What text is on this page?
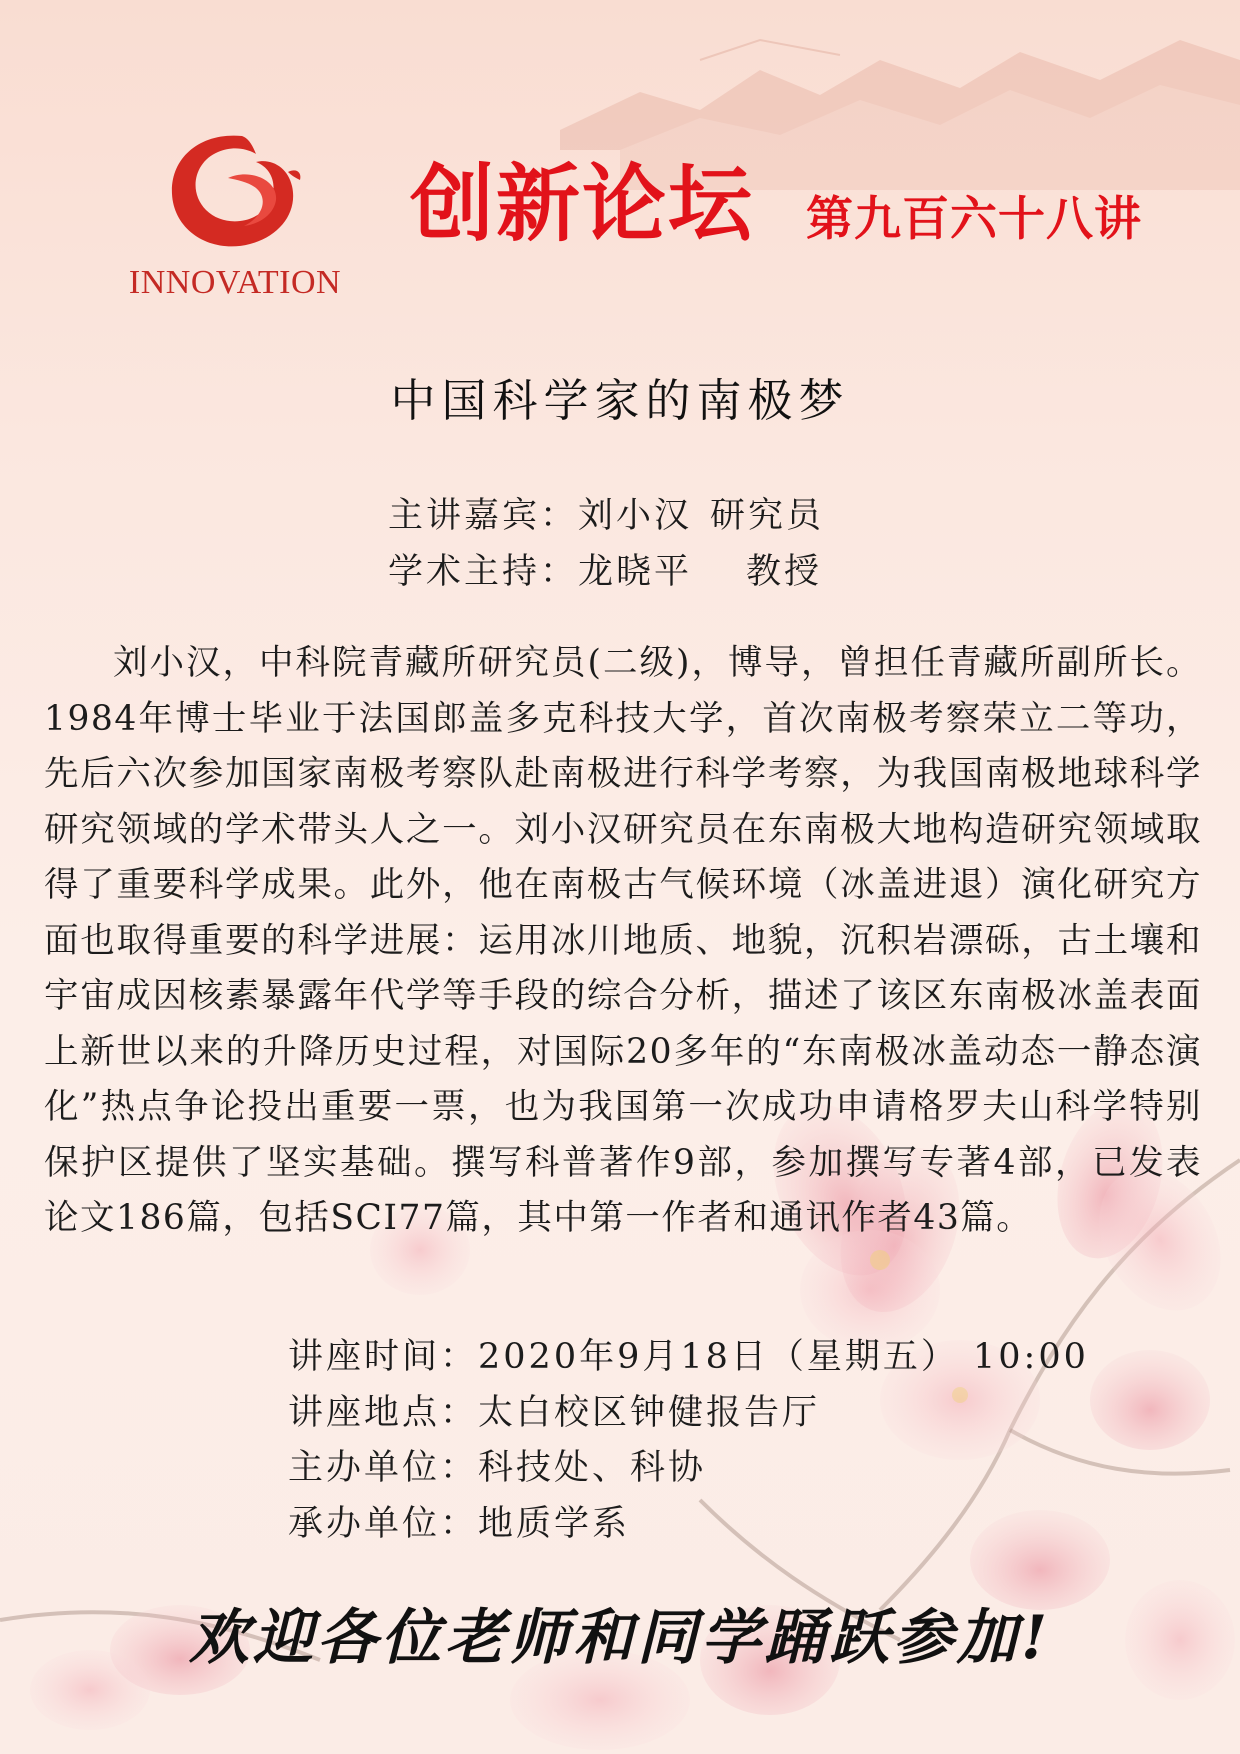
INNOVATION
创新论坛 第九百六十八讲
中国科学家的南极梦
主讲嘉宾：刘小汉 研究员
学术主持：龙晓平 教授
刘小汉，中科院青藏所研究员(二级)，博导，曾担任青藏所副所长。1984年博士毕业于法国郎盖多克科技大学，首次南极考察荣立二等功，先后六次参加国家南极考察队赴南极进行科学考察，为我国南极地球科学研究领域的学术带头人之一。刘小汉研究员在东南极大地构造研究领域取得了重要科学成果。此外，他在南极古气候环境（冰盖进退）演化研究方面也取得重要的科学进展：运用冰川地质、地貌，沉积岩漂砾，古土壤和宇宙成因核素暴露年代学等手段的综合分析，描述了该区东南极冰盖表面上新世以来的升降历史过程，对国际20多年的“东南极冰盖动态一静态演化”热点争论投出重要一票，也为我国第一次成功申请格罗夫山科学特别保护区提供了坚实基础。撰写科普著作9部，参加撰写专著4部，已发表论文186篇，包括SCI77篇，其中第一作者和通讯作者43篇。
讲座时间：2020年9月18日（星期五） 10:00
讲座地点：太白校区钟健报告厅
主办单位：科技处、科协
承办单位：地质学系
欢迎各位老师和同学踊跃参加!
